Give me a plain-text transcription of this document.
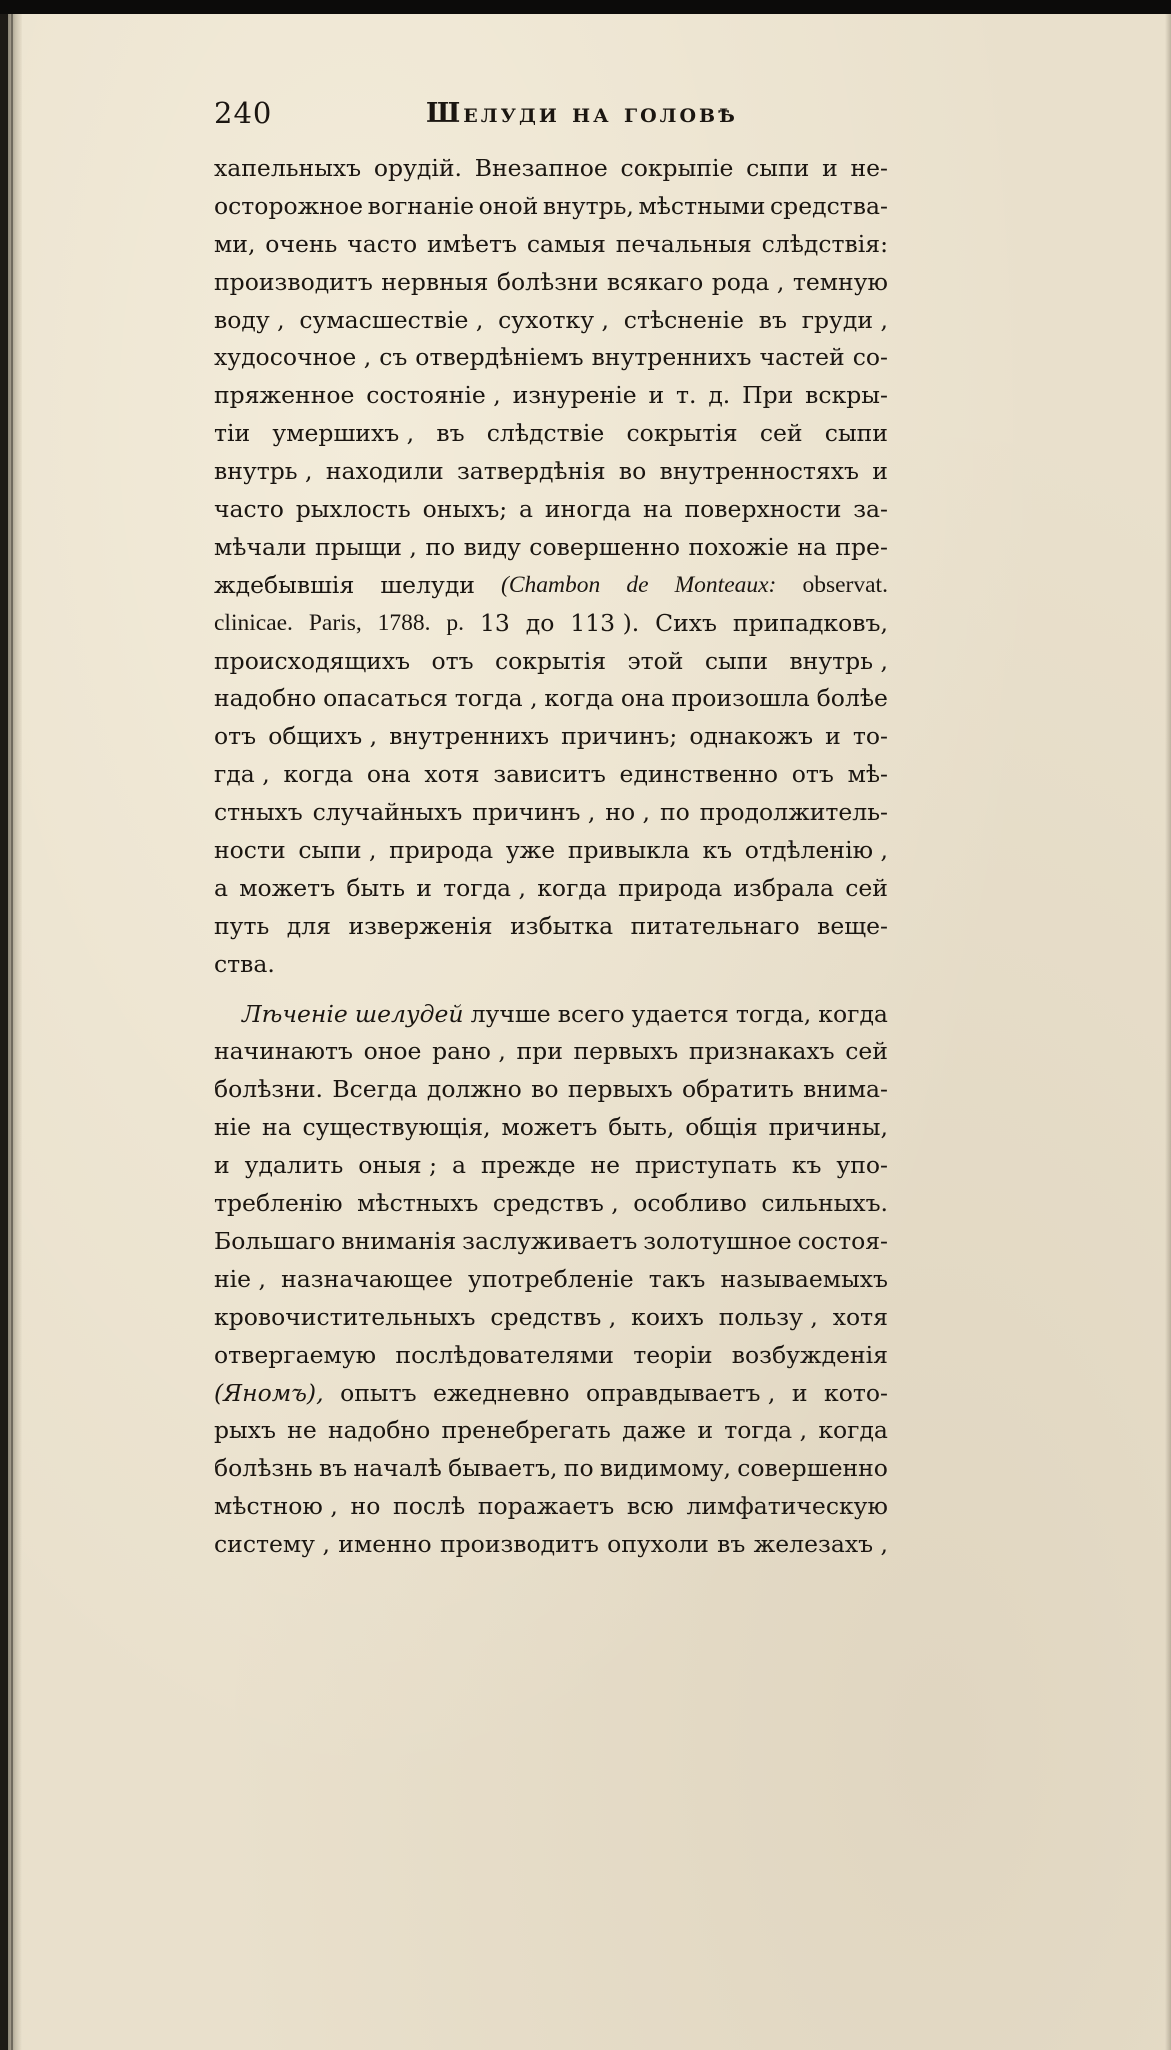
240	Шелуди на головѣ
хапельныхъ орудій. Внезапное сокрыпіе сыпи и не-
осторожное вогнаніе оной внутрь, мѣстными средства-
ми, очень часто имѣетъ самыя печальныя слѣдствія:
производитъ нервныя болѣзни всякаго рода , темную
воду , сумасшествіе , сухотку , стѣсненіе въ груди ,
худосочное , съ отвердѣніемъ внутреннихъ частей со-
пряженное состояніе , изнуреніе и т. д. При вскры-
тіи умершихъ , въ слѣдствіе сокрытія сей сыпи
внутрь , находили затвердѣнія во внутренностяхъ и
часто рыхлость оныхъ; а иногда на поверхности за-
мѣчали прыщи , по виду совершенно похожіе на пре-
ждебывшія шелуди (Chambon de Monteaux: observat.
clinicae. Paris, 1788. p. 13 до 113 ). Сихъ припадковъ,
происходящихъ отъ сокрытія этой сыпи внутрь ,
надобно опасаться тогда , когда она произошла болѣе
отъ общихъ , внутреннихъ причинъ; однакожъ и то-
гда , когда она хотя зависитъ единственно отъ мѣ-
стныхъ случайныхъ причинъ , но , по продолжитель-
ности сыпи , природа уже привыкла къ отдѣленію ,
а можетъ быть и тогда , когда природа избрала сей
путь для изверженія избытка питательнаго веще-
ства.
Лѣченіе шелудей лучше всего удается тогда, когда
начинаютъ оное рано , при первыхъ признакахъ сей
болѣзни. Всегда должно во первыхъ обратить внима-
ніе на существующія, можетъ быть, общія причины,
и удалить оныя ; а прежде не приступать къ упо-
требленію мѣстныхъ средствъ , особливо сильныхъ.
Большаго вниманія заслуживаетъ золотушное состоя-
ніе , назначающее употребленіе такъ называемыхъ
кровочистительныхъ средствъ , коихъ пользу , хотя
отвергаемую послѣдователями теоріи возбужденія
(Яномъ), опытъ ежедневно оправдываетъ , и кото-
рыхъ не надобно пренебрегать даже и тогда , когда
болѣзнь въ началѣ бываетъ, по видимому, совершенно
мѣстною , но послѣ поражаетъ всю лимфатическую
систему , именно производитъ опухоли въ железахъ ,
